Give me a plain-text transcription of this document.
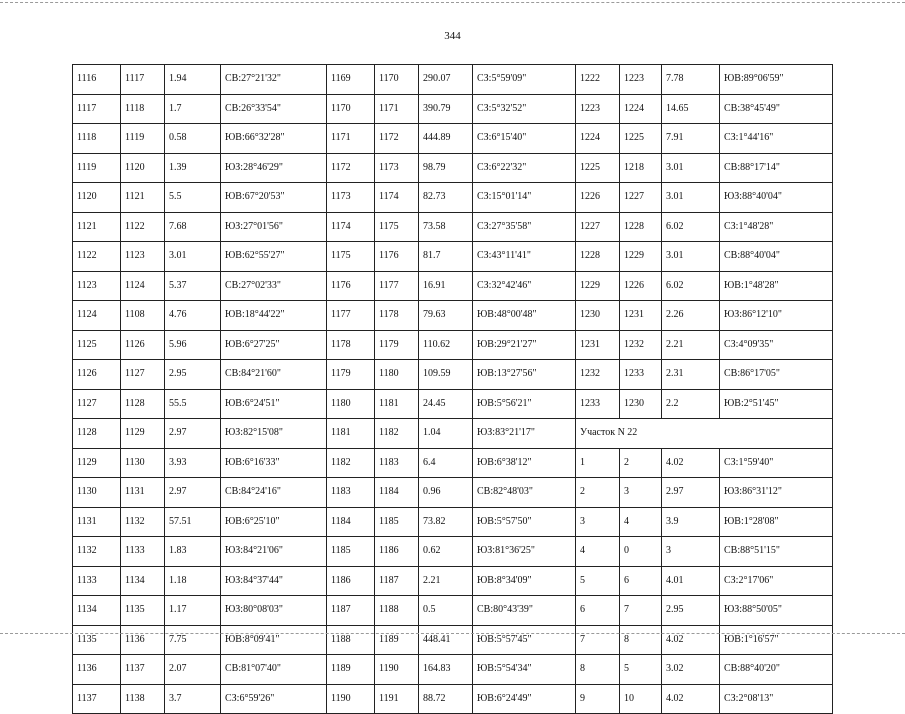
344
1116	1117	1.94	СВ:27°21'32"	1169	1170	290.07	СЗ:5°59'09"	1222	1223	7.78	ЮВ:89°06'59"
1117	1118	1.7	СВ:26°33'54"	1170	1171	390.79	СЗ:5°32'52"	1223	1224	14.65	СВ:38°45'49"
1118	1119	0.58	ЮВ:66°32'28"	1171	1172	444.89	СЗ:6°15'40"	1224	1225	7.91	СЗ:1°44'16"
1119	1120	1.39	ЮЗ:28°46'29"	1172	1173	98.79	СЗ:6°22'32"	1225	1218	3.01	СВ:88°17'14"
1120	1121	5.5	ЮВ:67°20'53"	1173	1174	82.73	СЗ:15°01'14"	1226	1227	3.01	ЮЗ:88°40'04"
1121	1122	7.68	ЮЗ:27°01'56"	1174	1175	73.58	СЗ:27°35'58"	1227	1228	6.02	СЗ:1°48'28"
1122	1123	3.01	ЮВ:62°55'27"	1175	1176	81.7	СЗ:43°11'41"	1228	1229	3.01	СВ:88°40'04"
1123	1124	5.37	СВ:27°02'33"	1176	1177	16.91	СЗ:32°42'46"	1229	1226	6.02	ЮВ:1°48'28"
1124	1108	4.76	ЮВ:18°44'22"	1177	1178	79.63	ЮВ:48°00'48"	1230	1231	2.26	ЮЗ:86°12'10"
1125	1126	5.96	ЮВ:6°27'25"	1178	1179	110.62	ЮВ:29°21'27"	1231	1232	2.21	СЗ:4°09'35"
1126	1127	2.95	СВ:84°21'60"	1179	1180	109.59	ЮВ:13°27'56"	1232	1233	2.31	СВ:86°17'05"
1127	1128	55.5	ЮВ:6°24'51"	1180	1181	24.45	ЮВ:5°56'21"	1233	1230	2.2	ЮВ:2°51'45"
1128	1129	2.97	ЮЗ:82°15'08"	1181	1182	1.04	ЮЗ:83°21'17"	Участок N 22			
1129	1130	3.93	ЮВ:6°16'33"	1182	1183	6.4	ЮВ:6°38'12"	1	2	4.02	СЗ:1°59'40"
1130	1131	2.97	СВ:84°24'16"	1183	1184	0.96	СВ:82°48'03"	2	3	2.97	ЮЗ:86°31'12"
1131	1132	57.51	ЮВ:6°25'10"	1184	1185	73.82	ЮВ:5°57'50"	3	4	3.9	ЮВ:1°28'08"
1132	1133	1.83	ЮЗ:84°21'06"	1185	1186	0.62	ЮЗ:81°36'25"	4	0	3	СВ:88°51'15"
1133	1134	1.18	ЮЗ:84°37'44"	1186	1187	2.21	ЮВ:8°34'09"	5	6	4.01	СЗ:2°17'06"
1134	1135	1.17	ЮЗ:80°08'03"	1187	1188	0.5	СВ:80°43'39"	6	7	2.95	ЮЗ:88°50'05"
1135	1136	7.75	ЮВ:8°09'41"	1188	1189	448.41	ЮВ:5°57'45"	7	8	4.02	ЮВ:1°16'57"
1136	1137	2.07	СВ:81°07'40"	1189	1190	164.83	ЮВ:5°54'34"	8	5	3.02	СВ:88°40'20"
1137	1138	3.7	СЗ:6°59'26"	1190	1191	88.72	ЮВ:6°24'49"	9	10	4.02	СЗ:2°08'13"
